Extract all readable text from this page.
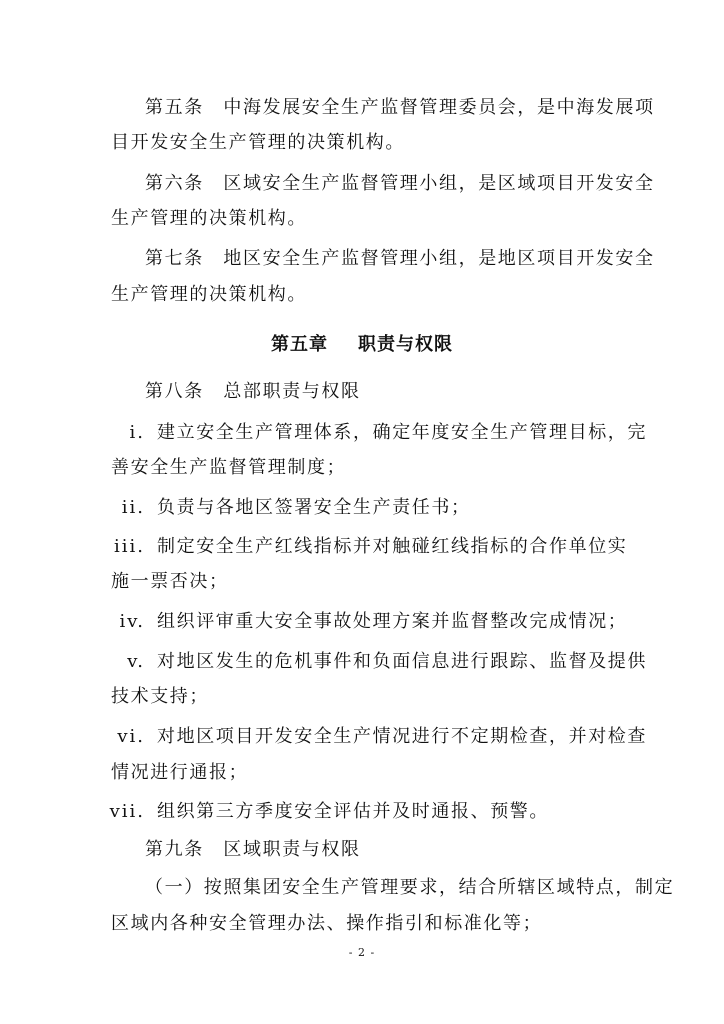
第五条　中海发展安全生产监督管理委员会，是中海发展项
目开发安全生产管理的决策机构。
第六条　区域安全生产监督管理小组，是区域项目开发安全
生产管理的决策机构。
第七条　地区安全生产监督管理小组，是地区项目开发安全
生产管理的决策机构。
第五章 职责与权限
第八条　总部职责与权限
i. 建立安全生产管理体系，确定年度安全生产管理目标，完
善安全生产监督管理制度；
ii. 负责与各地区签署安全生产责任书；
iii. 制定安全生产红线指标并对触碰红线指标的合作单位实
施一票否决；
iv. 组织评审重大安全事故处理方案并监督整改完成情况；
v. 对地区发生的危机事件和负面信息进行跟踪、监督及提供
技术支持；
vi. 对地区项目开发安全生产情况进行不定期检查，并对检查
情况进行通报；
vii. 组织第三方季度安全评估并及时通报、预警。
第九条　区域职责与权限
（一）按照集团安全生产管理要求，结合所辖区域特点，制定
区域内各种安全管理办法、操作指引和标准化等；
- 2 -
